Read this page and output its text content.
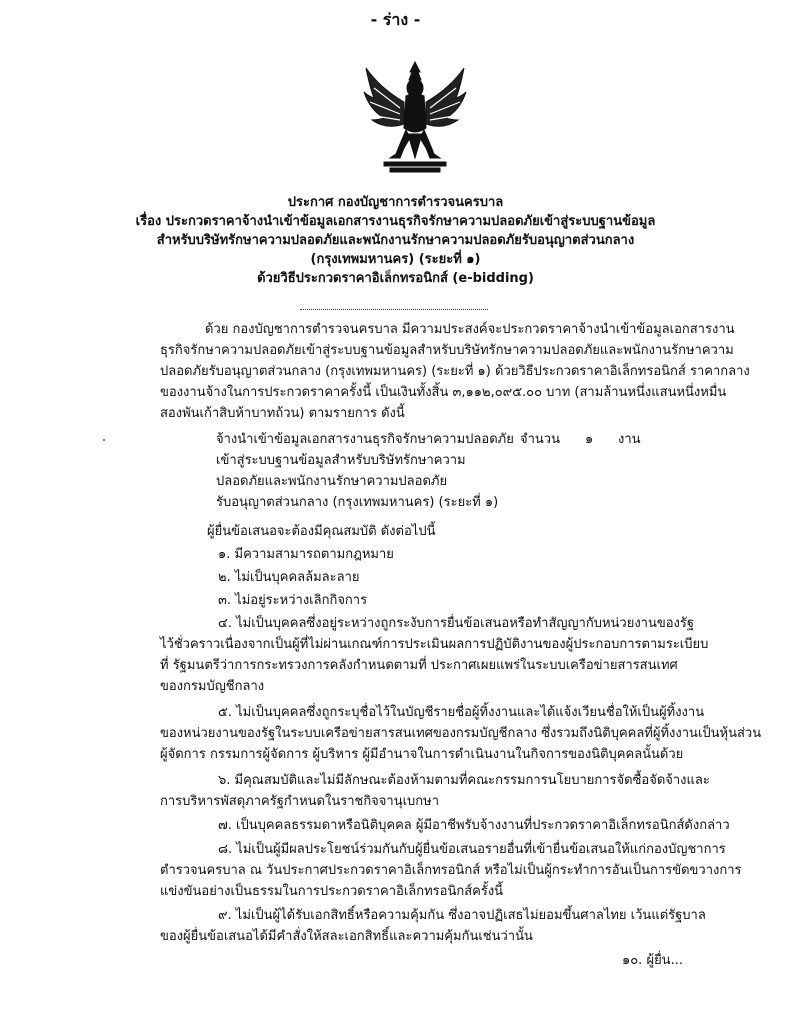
- ร่าง -
ประกาศ กองบัญชาการตำรวจนครบาล
เรื่อง ประกวดราคาจ้างนำเข้าข้อมูลเอกสารงานธุรกิจรักษาความปลอดภัยเข้าสู่ระบบฐานข้อมูล
สำหรับบริษัทรักษาความปลอดภัยและพนักงานรักษาความปลอดภัยรับอนุญาตส่วนกลาง
(กรุงเทพมหานคร) (ระยะที่ ๑)
ด้วยวิธีประกวดราคาอิเล็กทรอนิกส์ (e-bidding)
ด้วย กองบัญชาการตำรวจนครบาล มีความประสงค์จะประกวดราคาจ้างนำเข้าข้อมูลเอกสารงาน
ธุรกิจรักษาความปลอดภัยเข้าสู่ระบบฐานข้อมูลสำหรับบริษัทรักษาความปลอดภัยและพนักงานรักษาความ
ปลอดภัยรับอนุญาตส่วนกลาง (กรุงเทพมหานคร) (ระยะที่ ๑) ด้วยวิธีประกวดราคาอิเล็กทรอนิกส์ ราคากลาง
ของงานจ้างในการประกวดราคาครั้งนี้ เป็นเงินทั้งสิ้น ๓,๑๑๒,๐๙๕.๐๐ บาท (สามล้านหนึ่งแสนหนึ่งหมื่น
สองพันเก้าสิบห้าบาทถ้วน) ตามรายการ ดังนี้
จ้างนำเข้าข้อมูลเอกสารงานธุรกิจรักษาความปลอดภัย
เข้าสู่ระบบฐานข้อมูลสำหรับบริษัทรักษาความ
ปลอดภัยและพนักงานรักษาความปลอดภัย
รับอนุญาตส่วนกลาง (กรุงเทพมหานคร) (ระยะที่ ๑)
จำนวน ๑ งาน
ผู้ยื่นข้อเสนอจะต้องมีคุณสมบัติ ดังต่อไปนี้
๑. มีความสามารถตามกฎหมาย
๒. ไม่เป็นบุคคลล้มละลาย
๓. ไม่อยู่ระหว่างเลิกกิจการ
๔. ไม่เป็นบุคคลซึ่งอยู่ระหว่างถูกระงับการยื่นข้อเสนอหรือทำสัญญากับหน่วยงานของรัฐ
ไว้ชั่วคราวเนื่องจากเป็นผู้ที่ไม่ผ่านเกณฑ์การประเมินผลการปฏิบัติงานของผู้ประกอบการตามระเบียบ
ที่ รัฐมนตรีว่าการกระทรวงการคลังกำหนดตามที่ ประกาศเผยแพร่ในระบบเครือข่ายสารสนเทศ
ของกรมบัญชีกลาง
๕. ไม่เป็นบุคคลซึ่งถูกระบุชื่อไว้ในบัญชีรายชื่อผู้ทิ้งงานและได้แจ้งเวียนชื่อให้เป็นผู้ทิ้งงาน
ของหน่วยงานของรัฐในระบบเครือข่ายสารสนเทศของกรมบัญชีกลาง ซึ่งรวมถึงนิติบุคคลที่ผู้ทิ้งงานเป็นหุ้นส่วน
ผู้จัดการ กรรมการผู้จัดการ ผู้บริหาร ผู้มีอำนาจในการดำเนินงานในกิจการของนิติบุคคลนั้นด้วย
๖. มีคุณสมบัติและไม่มีลักษณะต้องห้ามตามที่คณะกรรมการนโยบายการจัดซื้อจัดจ้างและ
การบริหารพัสดุภาครัฐกำหนดในราชกิจจานุเบกษา
๗. เป็นบุคคลธรรมดาหรือนิติบุคคล ผู้มีอาชีพรับจ้างงานที่ประกวดราคาอิเล็กทรอนิกส์ดังกล่าว
๘. ไม่เป็นผู้มีผลประโยชน์ร่วมกันกับผู้ยื่นข้อเสนอรายอื่นที่เข้ายื่นข้อเสนอให้แก่กองบัญชาการ
ตำรวจนครบาล ณ วันประกาศประกวดราคาอิเล็กทรอนิกส์ หรือไม่เป็นผู้กระทำการอันเป็นการขัดขวางการ
แข่งขันอย่างเป็นธรรมในการประกวดราคาอิเล็กทรอนิกส์ครั้งนี้
๙. ไม่เป็นผู้ได้รับเอกสิทธิ์หรือความคุ้มกัน ซึ่งอาจปฏิเสธไม่ยอมขึ้นศาลไทย เว้นแต่รัฐบาล
ของผู้ยื่นข้อเสนอได้มีคำสั่งให้สละเอกสิทธิ์และความคุ้มกันเช่นว่านั้น
๑๐. ผู้ยื่น...
